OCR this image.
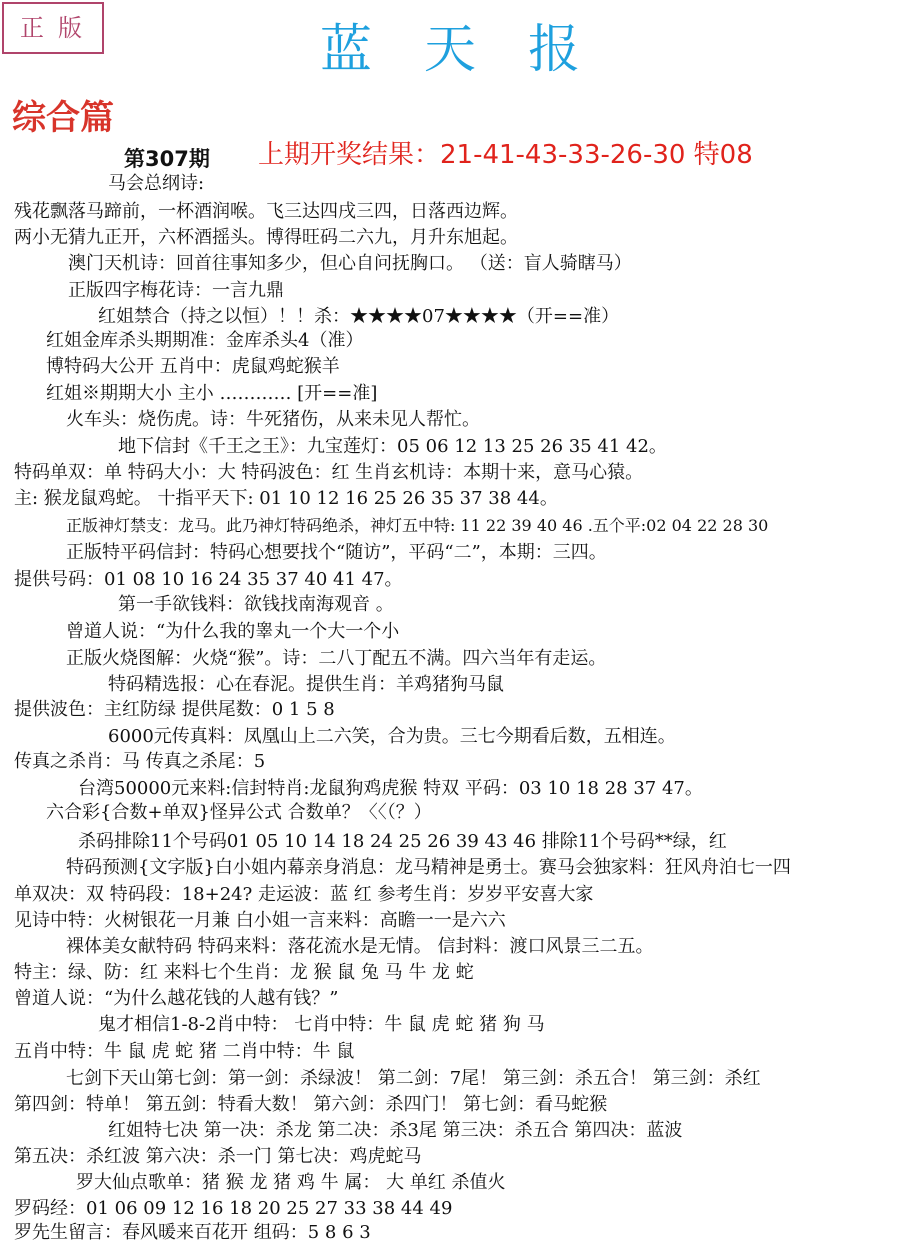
正版	蓝天报
综合篇
第307期 上期开奖结果：21-41-43-33-26-30 特08
马会总纲诗:
残花飘落马蹄前，一杯酒润喉。飞三达四戌三四，日落西边辉。
两小无猜九正开，六杯酒摇头。博得旺码二六九，月升东旭起。
澳门天机诗：回首往事知多少，但心自问抚胸口。 （送：盲人骑瞎马）
正版四字梅花诗：一言九鼎
红姐禁合（持之以恒）！！杀：★★★★07★★★★（开==准）
红姐金库杀头期期准：金库杀头4（准）
博特码大公开 五肖中：虎鼠鸡蛇猴羊
红姐※期期大小 主小 ………… [开==准]
火车头：烧伤虎。诗：牛死猪伤，从来未见人帮忙。
地下信封《千王之王》：九宝莲灯：05 06 12 13 25 26 35 41 42。
特码单双：单 特码大小：大 特码波色：红 生肖玄机诗：本期十来，意马心猿。
主: 猴龙鼠鸡蛇。 十指平天下: 01 10 12 16 25 26 35 37 38 44。
正版神灯禁支：龙马。此乃神灯特码绝杀，神灯五中特: 11 22 39 40 46 .五个平:02 04 22 28 30
正版特平码信封：特码心想要找个“随访”，平码“二”，本期：三四。
提供号码：01 08 10 16 24 35 37 40 41 47。
第一手欲钱料：欲钱找南海观音 。
曾道人说：“为什么我的睾丸一个大一个小
正版火烧图解：火烧“猴”。诗：二八丁配五不满。四六当年有走运。
特码精选报：心在春泥。提供生肖：羊鸡猪狗马鼠
提供波色：主红防绿 提供尾数：0 1 5 8
6000元传真料：凤凰山上二六笑，合为贵。三七今期看后数，五相连。
传真之杀肖：马 传真之杀尾：5
台湾50000元来料:信封特肖:龙鼠狗鸡虎猴 特双 平码：03 10 18 28 37 47。
六合彩{合数+单双}怪异公式 合数单？〈〈（？）
杀码排除11个号码01 05 10 14 18 24 25 26 39 43 46 排除11个号码**绿，红
特码预测{文字版}白小姐内幕亲身消息：龙马精神是勇士。赛马会独家料：狂风舟泊七一四
单双决：双 特码段：18+24? 走运波：蓝 红 参考生肖：岁岁平安喜大家
见诗中特：火树银花一月兼 白小姐一言来料：高瞻一一是六六
裸体美女献特码 特码来料：落花流水是无情。 信封料：渡口风景三二五。
特主：绿、防：红 来料七个生肖：龙 猴 鼠 兔 马 牛 龙 蛇
曾道人说：“为什么越花钱的人越有钱？”
鬼才相信1-8-2肖中特： 七肖中特：牛 鼠 虎 蛇 猪 狗 马
五肖中特：牛 鼠 虎 蛇 猪 二肖中特：牛 鼠
七剑下天山第七剑：第一剑：杀绿波！ 第二剑：7尾！ 第三剑：杀五合！ 第三剑：杀红
第四剑：特单！ 第五剑：特看大数！ 第六剑：杀四门！ 第七剑：看马蛇猴
红姐特七决 第一决：杀龙 第二决：杀3尾 第三决：杀五合 第四决：蓝波
第五决：杀红波 第六决：杀一门 第七决：鸡虎蛇马
罗大仙点歌单：猪 猴 龙 猪 鸡 牛 属： 大 单红 杀值火
罗码经：01 06 09 12 16 18 20 25 27 33 38 44 49
罗先生留言：春风暖来百花开 组码：5 8 6 3
